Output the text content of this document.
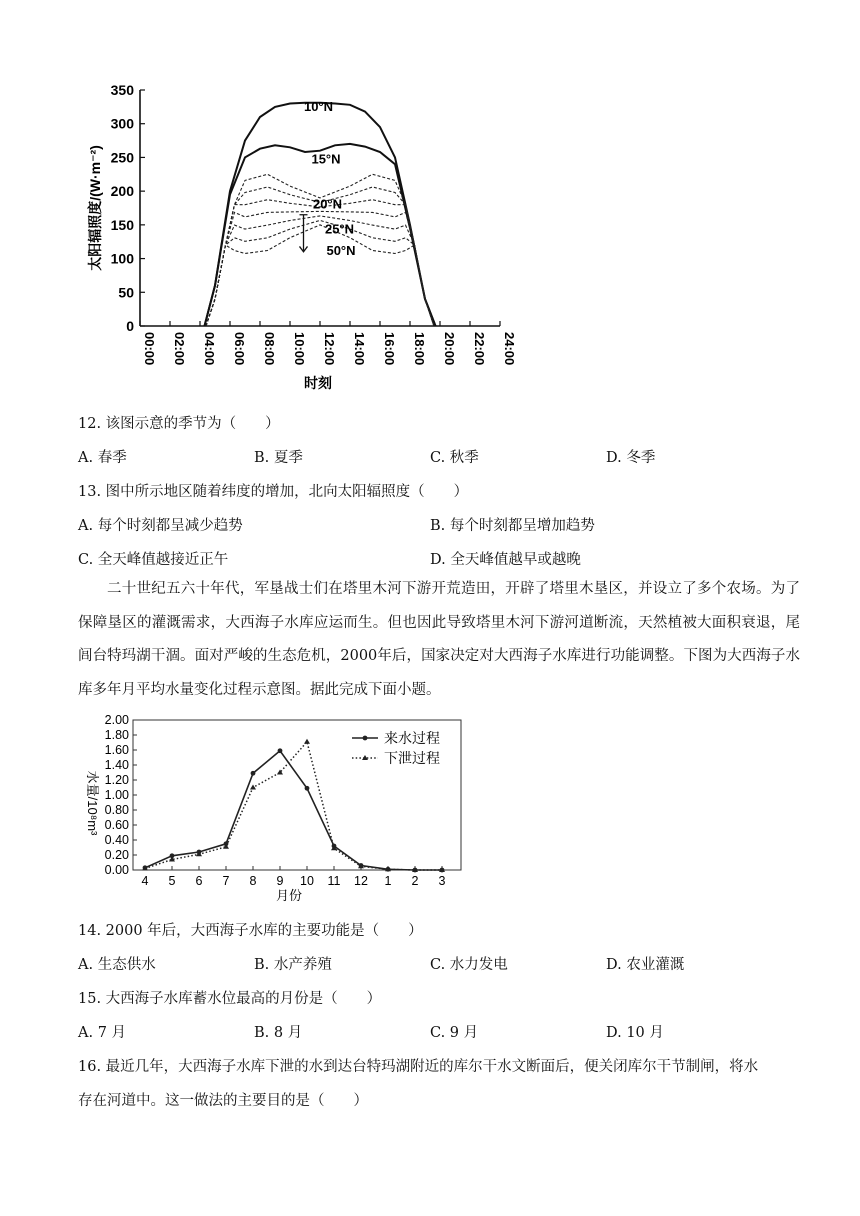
0
50
100
150
200
250
300
350
00:00 02:00 04:00 06:00 08:00 10:00 12:00 14:00 16:00 18:00 20:00 22:00 24:00
太阳辐照度/(W·m⁻²)
时刻
10°N
15°N
20°N
25°N
50°N
12. 该图示意的季节为（　　）
A. 春季	B. 夏季	C. 秋季	D. 冬季
13. 图中所示地区随着纬度的增加，北向太阳辐照度（　　）
A. 每个时刻都呈减少趋势	B. 每个时刻都呈增加趋势
C. 全天峰值越接近正午	D. 全天峰值越早或越晚

二十世纪五六十年代，军垦战士们在塔里木河下游开荒造田，开辟了塔里木垦区，并设立了多个农场。为了保障垦区的灌溉需求，大西海子水库应运而生。但也因此导致塔里木河下游河道断流，天然植被大面积衰退，尾闾台特玛湖干涸。面对严峻的生态危机，2000年后，国家决定对大西海子水库进行功能调整。下图为大西海子水库多年月平均水量变化过程示意图。据此完成下面小题。

0.00
0.20
0.40
0.60
0.80
1.00
1.20
1.40
1.60
1.80
2.00
4 5 6 7 8 9 10 11 12 1 2 3
水量/10⁸m³
月份
来水过程
下泄过程
14. 2000 年后，大西海子水库的主要功能是（　　）
A. 生态供水	B. 水产养殖	C. 水力发电	D. 农业灌溉
15. 大西海子水库蓄水位最高的月份是（　　）
A. 7 月	B. 8 月	C. 9 月	D. 10 月
16. 最近几年，大西海子水库下泄的水到达台特玛湖附近的库尔干水文断面后，便关闭库尔干节制闸，将水
存在河道中。这一做法的主要目的是（　　）
